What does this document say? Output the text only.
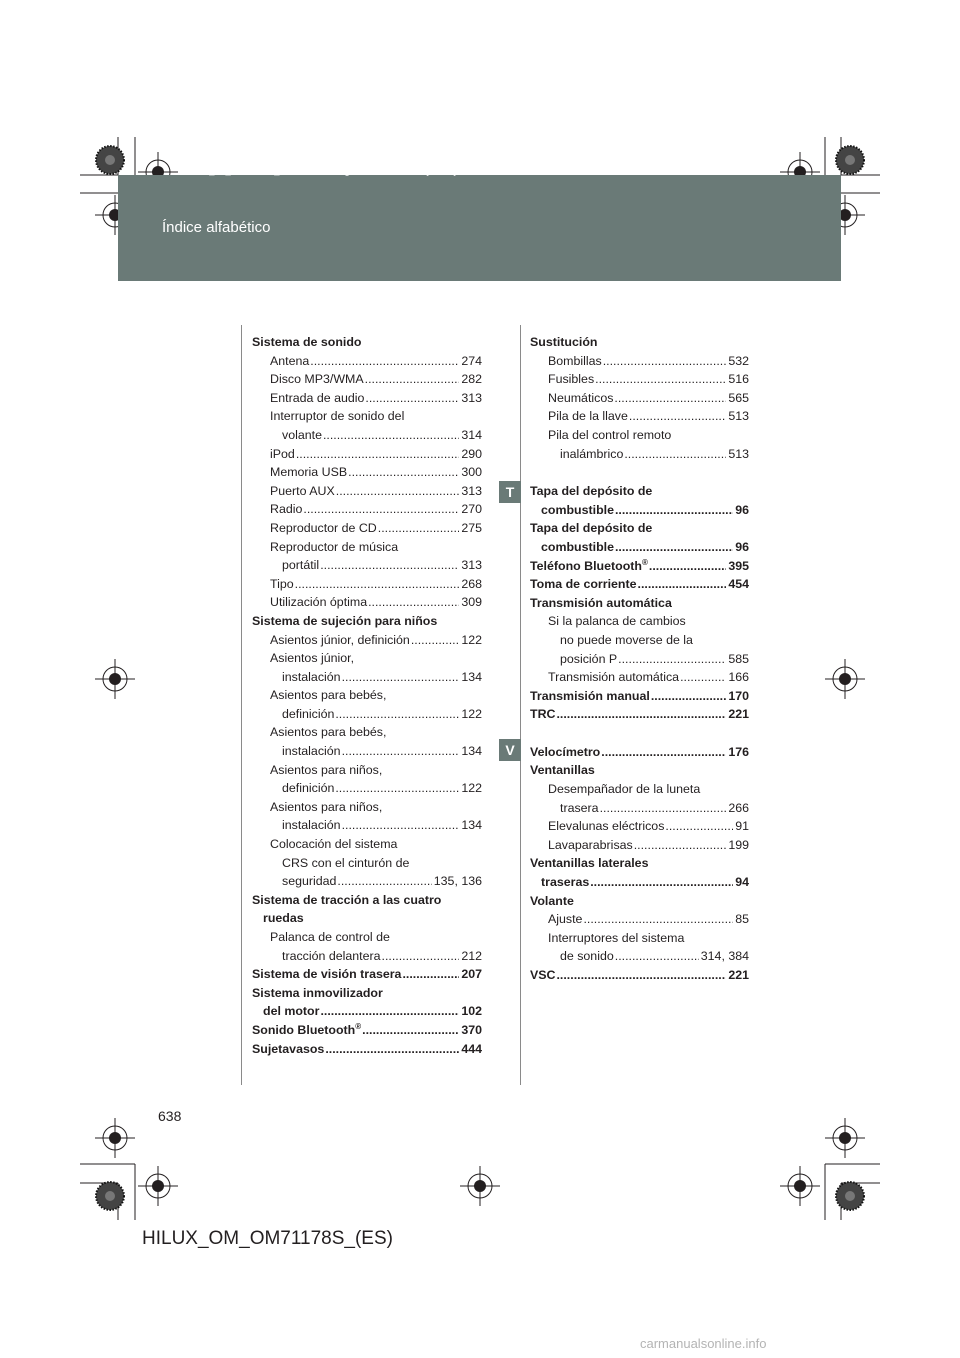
Índice alfabético
HILUX_OM_OM71178S_(ES).book Page 638 Wednesday, May 16, 2012 3:09 PM
Sistema de sonido
Antena .....	274
Disco MP3/WMA .....	282
Entrada de audio .....	313
Interruptor de sonido del
volante .....	314
iPod .....	290
Memoria USB .....	300
Puerto AUX .....	313
Radio .....	270
Reproductor de CD .....	275
Reproductor de música
portátil .....	313
Tipo .....	268
Utilización óptima .....	309
Sistema de sujeción para niños
Asientos júnior, definición .....	122
Asientos júnior,
instalación .....	134
Asientos para bebés,
definición .....	122
Asientos para bebés,
instalación .....	134
Asientos para niños,
definición .....	122
Asientos para niños,
instalación .....	134
Colocación del sistema
CRS con el cinturón de
seguridad .....	135, 136
Sistema de tracción a las cuatro
ruedas
Palanca de control de
tracción delantera .....	212
Sistema de visión trasera .....	207
Sistema inmovilizador
del motor .....	102
Sonido Bluetooth® .....	370
Sujetavasos .....	444
Sustitución
Bombillas .....	532
Fusibles .....	516
Neumáticos .....	565
Pila de la llave .....	513
Pila del control remoto
inalámbrico .....	513
Tapa del depósito de
combustible .....	96
Tapa del depósito de
combustible .....	96
Teléfono Bluetooth® .....	395
Toma de corriente .....	454
Transmisión automática
Si la palanca de cambios
no puede moverse de la
posición P .....	585
Transmisión automática .....	166
Transmisión manual .....	170
TRC .....	221
Velocímetro .....	176
Ventanillas
Desempañador de la luneta
trasera .....	266
Elevalunas eléctricos .....	91
Lavaparabrisas .....	199
Ventanillas laterales
traseras .....	94
Volante
Ajuste .....	85
Interruptores del sistema
de sonido .....	314, 384
VSC .....	221
T
V
638
HILUX_OM_OM71178S_(ES)
carmanualsonline.info
